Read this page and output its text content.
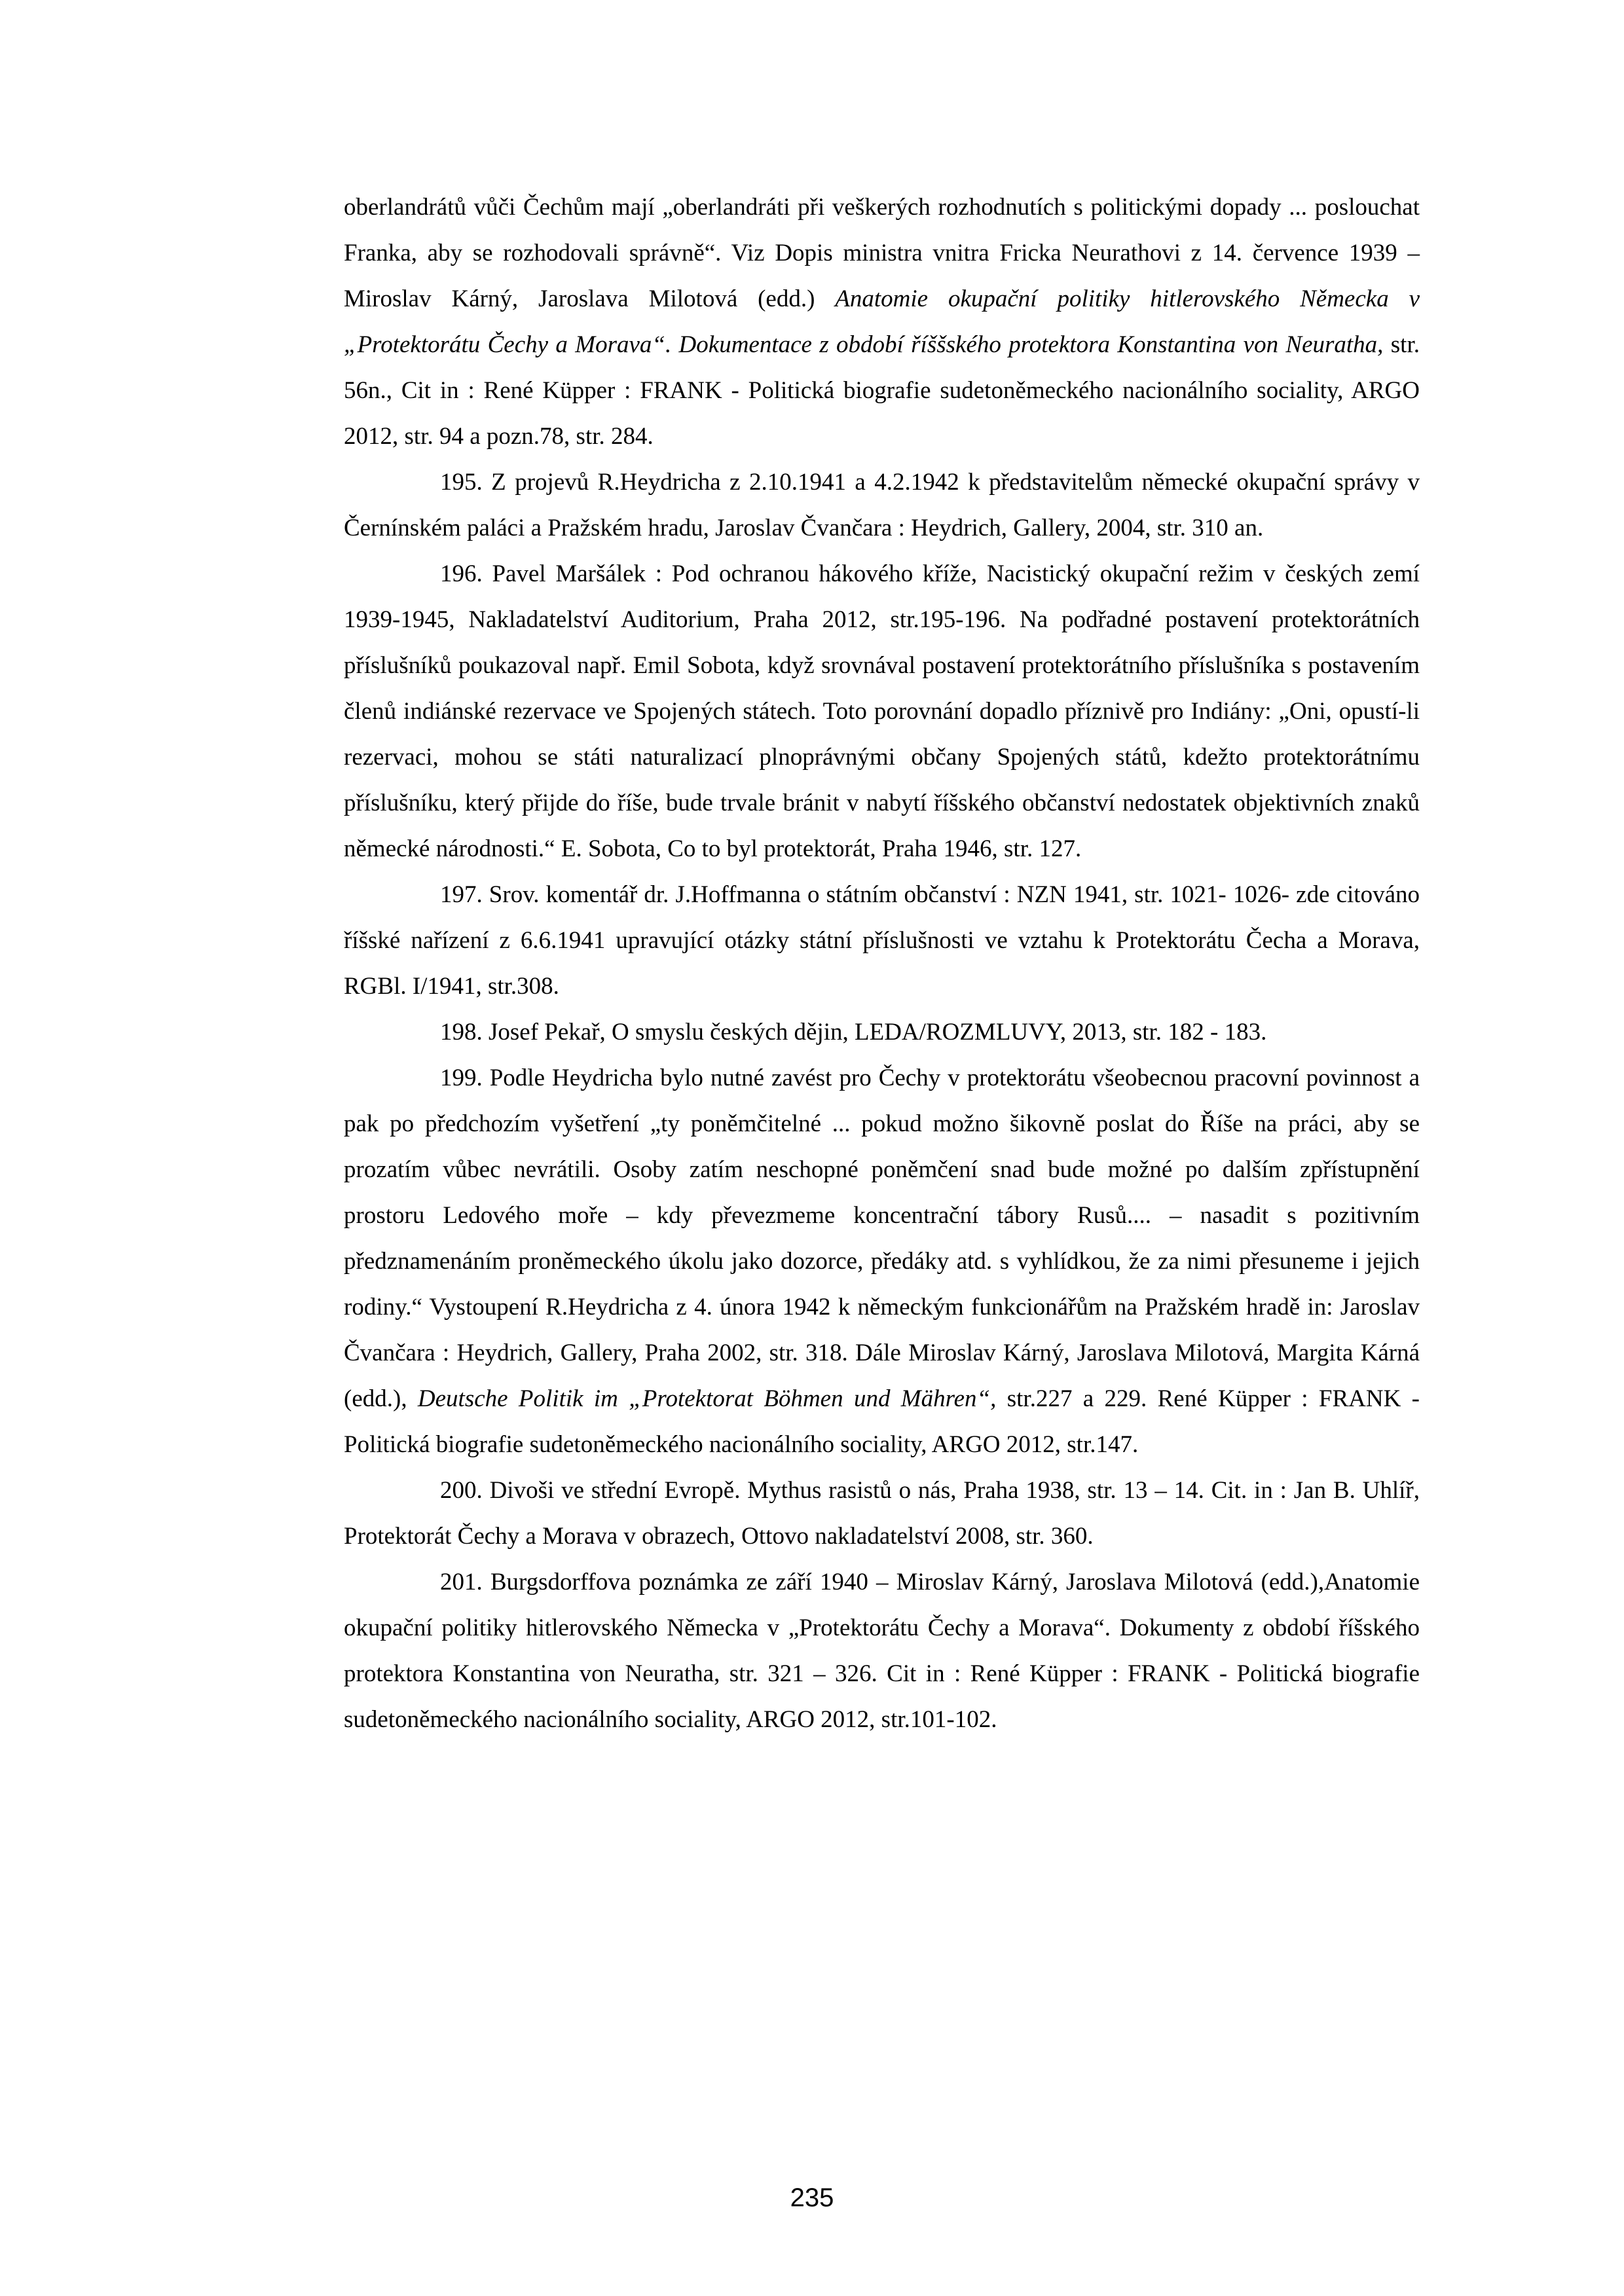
oberlandrátů vůči Čechům mají „oberlandráti při veškerých rozhodnutích s politickými dopady ... poslouchat Franka, aby se rozhodovali správně“. Viz Dopis ministra vnitra Fricka Neurathovi z 14. července 1939 – Miroslav Kárný, Jaroslava Milotová (edd.) Anatomie okupační politiky hitlerovského Německa v „Protektorátu Čechy a Morava“. Dokumentace z období říššského protektora Konstantina von Neuratha, str. 56n., Cit in : René Küpper : FRANK - Politická biografie sudetoněmeckého nacionálního sociality, ARGO 2012, str. 94 a pozn.78, str. 284.

195. Z projevů R.Heydricha z 2.10.1941 a 4.2.1942 k představitelům německé okupační správy v Černínském paláci a Pražském hradu, Jaroslav Čvančara : Heydrich, Gallery, 2004, str. 310 an.

196. Pavel Maršálek : Pod ochranou hákového kříže, Nacistický okupační režim v českých zemí 1939-1945, Nakladatelství Auditorium, Praha 2012, str.195-196. Na podřadné postavení protektorátních příslušníků poukazoval např. Emil Sobota, když srovnával postavení protektorátního příslušníka s postavením členů indiánské rezervace ve Spojených státech. Toto porovnání dopadlo příznivě pro Indiány: „Oni, opustí-li rezervaci, mohou se státi naturalizací plnoprávnými občany Spojených států, kdežto protektorátnímu příslušníku, který přijde do říše, bude trvale bránit v nabytí říšského občanství nedostatek objektivních znaků německé národnosti.“ E. Sobota, Co to byl protektorát, Praha 1946, str. 127.

197. Srov. komentář dr. J.Hoffmanna o státním občanství : NZN 1941, str. 1021- 1026- zde citováno říšské nařízení z 6.6.1941 upravující otázky státní příslušnosti ve vztahu k Protektorátu Čecha a Morava, RGBl. I/1941, str.308.

198. Josef Pekař, O smyslu českých dějin, LEDA/ROZMLUVY, 2013, str. 182 - 183.

199. Podle Heydricha bylo nutné zavést pro Čechy v protektorátu všeobecnou pracovní povinnost a pak po předchozím vyšetření „ty poněmčitelné ... pokud možno šikovně poslat do Říše na práci, aby se prozatím vůbec nevrátili. Osoby zatím neschopné poněmčení snad bude možné po dalším zpřístupnění prostoru Ledového moře – kdy převezmeme koncentrační tábory Rusů.... – nasadit s pozitivním předznamenáním proněmeckého úkolu jako dozorce, předáky atd. s vyhlídkou, že za nimi přesuneme i jejich rodiny.“ Vystoupení R.Heydricha z 4. února 1942 k německým funkcionářům na Pražském hradě in: Jaroslav Čvančara : Heydrich, Gallery, Praha 2002, str. 318. Dále Miroslav Kárný, Jaroslava Milotová, Margita Kárná (edd.), Deutsche Politik im „Protektorat Böhmen und Mähren“, str.227 a 229. René Küpper : FRANK - Politická biografie sudetoněmeckého nacionálního sociality, ARGO 2012, str.147.

200. Divoši ve střední Evropě. Mythus rasistů o nás, Praha 1938, str. 13 – 14. Cit. in : Jan B. Uhlíř, Protektorát Čechy a Morava v obrazech, Ottovo nakladatelství 2008, str. 360.

201. Burgsdorffova poznámka ze září 1940 – Miroslav Kárný, Jaroslava Milotová (edd.),Anatomie okupační politiky hitlerovského Německa v „Protektorátu Čechy a Morava“. Dokumenty z období říšského protektora Konstantina von Neuratha, str. 321 – 326. Cit in : René Küpper : FRANK - Politická biografie sudetoněmeckého nacionálního sociality, ARGO 2012, str.101-102.

235
